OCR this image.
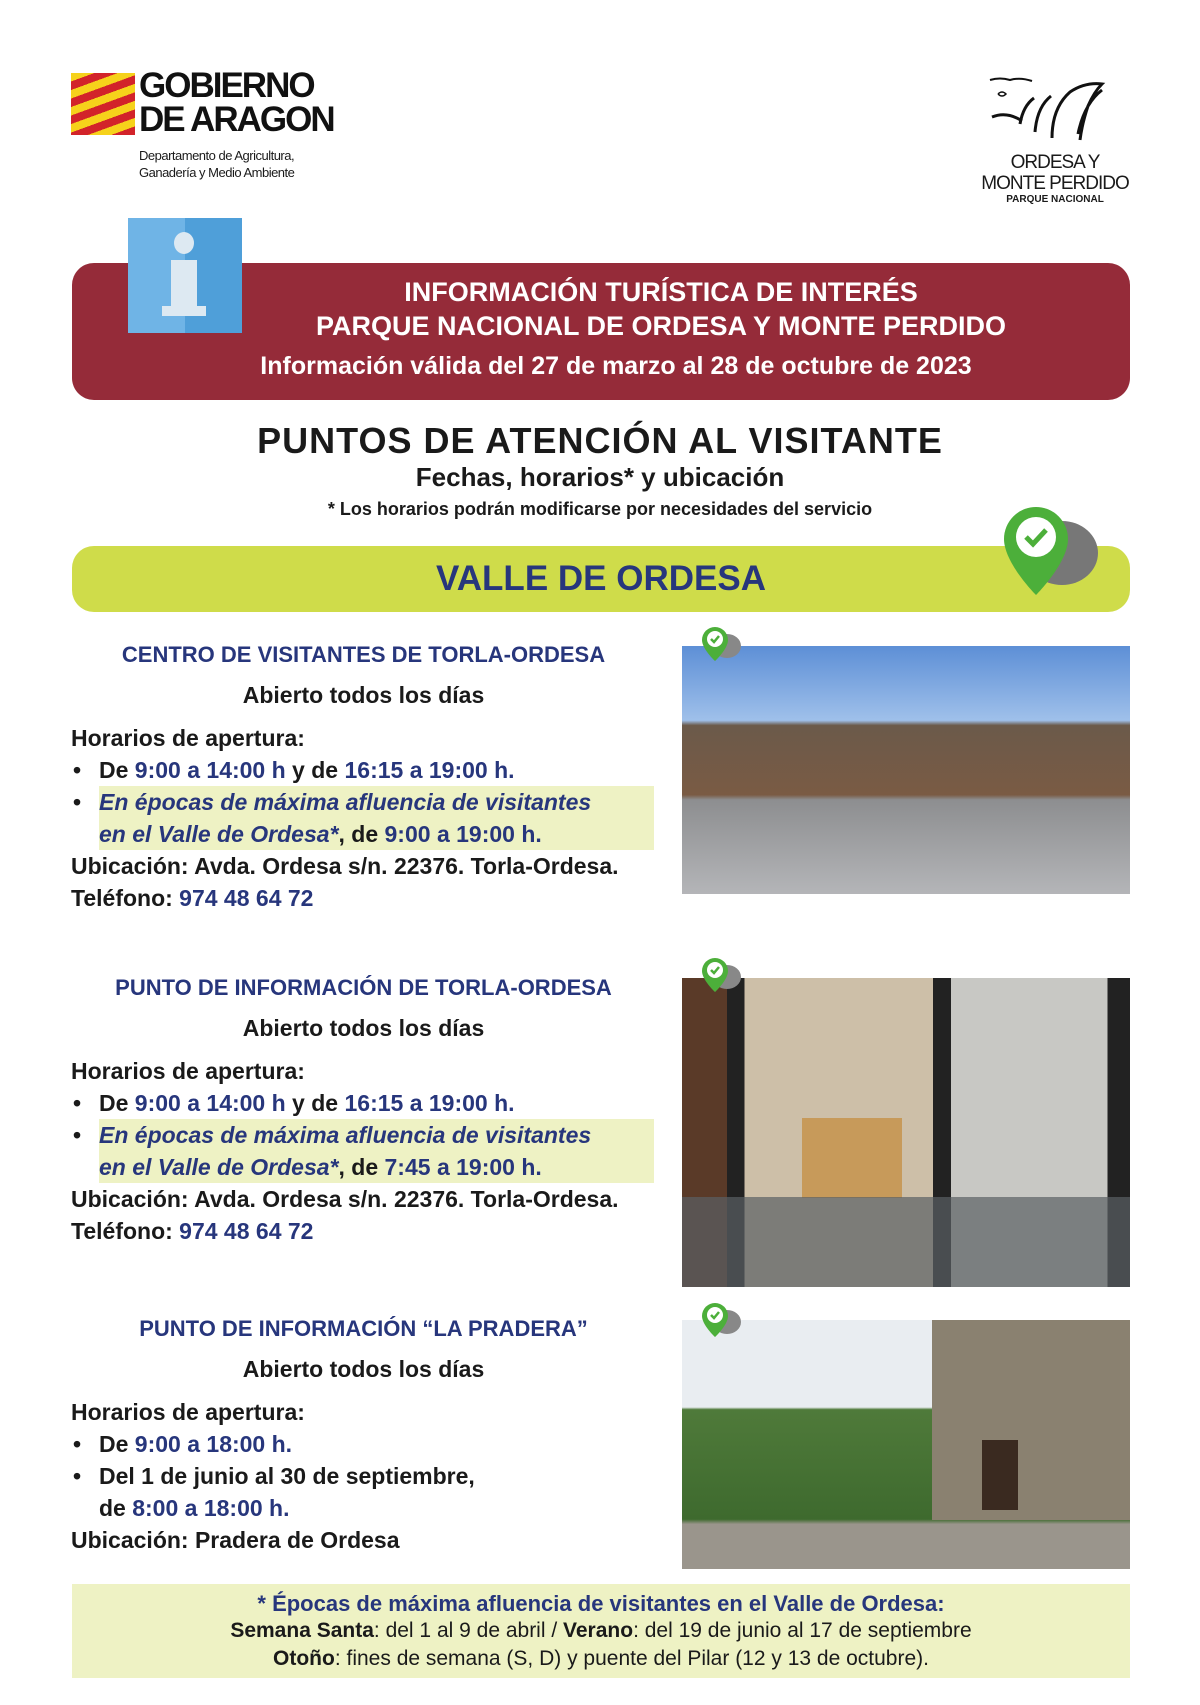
GOBIERNO
DE ARAGON
Departamento de Agricultura,
Ganadería y Medio Ambiente	ORDESA Y
MONTE PERDIDO
PARQUE NACIONAL
INFORMACIÓN TURÍSTICA DE INTERÉS
PARQUE NACIONAL DE ORDESA Y MONTE PERDIDO
Información válida del 27 de marzo al 28 de octubre de 2023
PUNTOS DE ATENCIÓN AL VISITANTE
Fechas, horarios* y ubicación
* Los horarios podrán modificarse por necesidades del servicio
VALLE DE ORDESA
CENTRO DE VISITANTES DE TORLA-ORDESA
Abierto todos los días
Horarios de apertura:
• De 9:00 a 14:00 h y de 16:15 a 19:00 h.
• En épocas de máxima afluencia de visitantes
en el Valle de Ordesa*, de 9:00 a 19:00 h.
Ubicación: Avda. Ordesa s/n. 22376. Torla-Ordesa.
Teléfono: 974 48 64 72
PUNTO DE INFORMACIÓN DE TORLA-ORDESA
Abierto todos los días
Horarios de apertura:
• De 9:00 a 14:00 h y de 16:15 a 19:00 h.
• En épocas de máxima afluencia de visitantes
en el Valle de Ordesa*, de 7:45 a 19:00 h.
Ubicación: Avda. Ordesa s/n. 22376. Torla-Ordesa.
Teléfono: 974 48 64 72
PUNTO DE INFORMACIÓN “LA PRADERA”
Abierto todos los días
Horarios de apertura:
• De 9:00 a 18:00 h.
• Del 1 de junio al 30 de septiembre,
de 8:00 a 18:00 h.
Ubicación: Pradera de Ordesa
* Épocas de máxima afluencia de visitantes en el Valle de Ordesa:
Semana Santa: del 1 al 9 de abril / Verano: del 19 de junio al 17 de septiembre
Otoño: fines de semana (S, D) y puente del Pilar (12 y 13 de octubre).
